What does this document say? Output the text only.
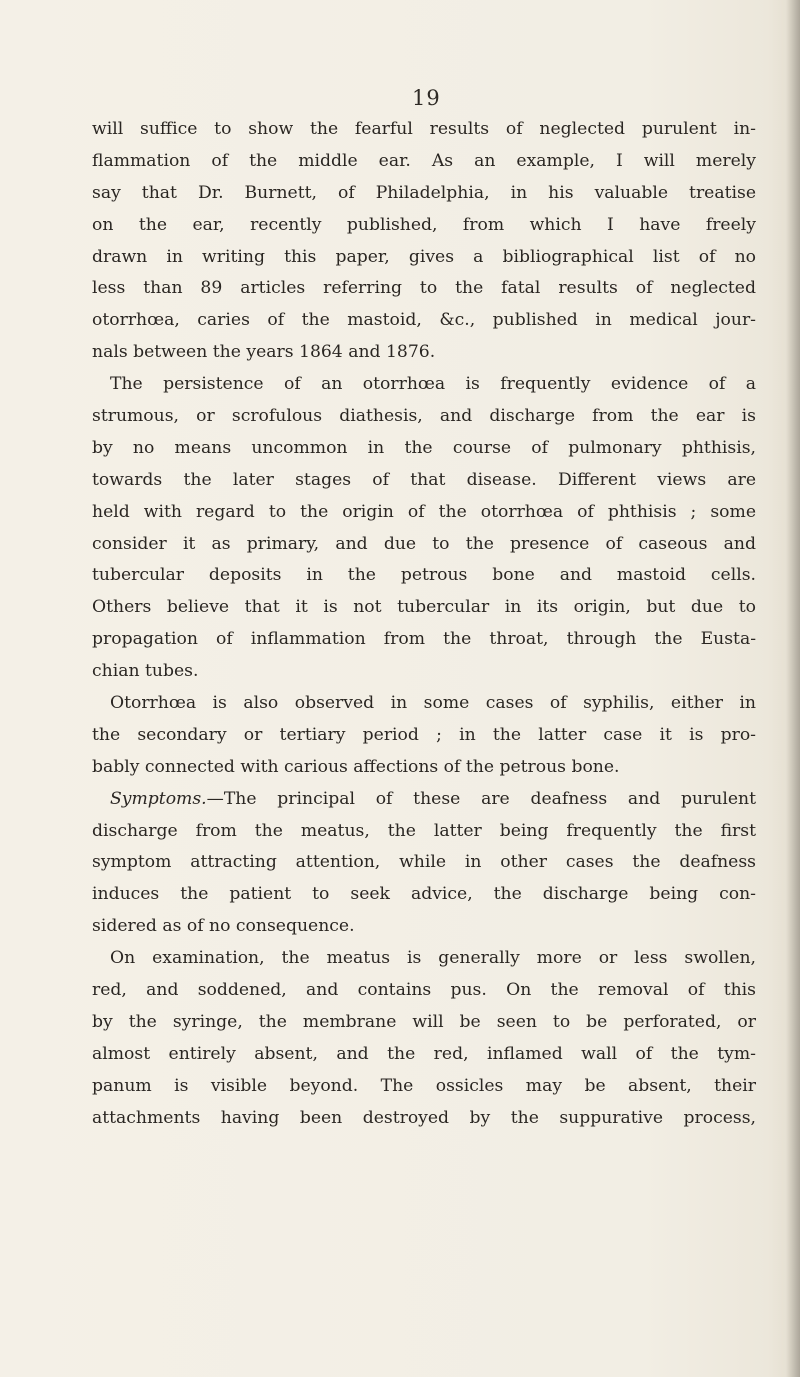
19
will suffice to show the fearful results of neglected purulent in-
flammation of the middle ear. As an example, I will merely
say that Dr. Burnett, of Philadelphia, in his valuable treatise
on the ear, recently published, from which I have freely
drawn in writing this paper, gives a bibliographical list of no
less than 89 articles referring to the fatal results of neglected
otorrhœa, caries of the mastoid, &c., published in medical jour-
nals between the years 1864 and 1876.
The persistence of an otorrhœa is frequently evidence of a
strumous, or scrofulous diathesis, and discharge from the ear is
by no means uncommon in the course of pulmonary phthisis,
towards the later stages of that disease. Different views are
held with regard to the origin of the otorrhœa of phthisis ; some
consider it as primary, and due to the presence of caseous and
tubercular deposits in the petrous bone and mastoid cells.
Others believe that it is not tubercular in its origin, but due to
propagation of inflammation from the throat, through the Eusta-
chian tubes.
Otorrhœa is also observed in some cases of syphilis, either in
the secondary or tertiary period ; in the latter case it is pro-
bably connected with carious affections of the petrous bone.
Symptoms.—The principal of these are deafness and purulent
discharge from the meatus, the latter being frequently the first
symptom attracting attention, while in other cases the deafness
induces the patient to seek advice, the discharge being con-
sidered as of no consequence.
On examination, the meatus is generally more or less swollen,
red, and soddened, and contains pus. On the removal of this
by the syringe, the membrane will be seen to be perforated, or
almost entirely absent, and the red, inflamed wall of the tym-
panum is visible beyond. The ossicles may be absent, their
attachments having been destroyed by the suppurative process,
